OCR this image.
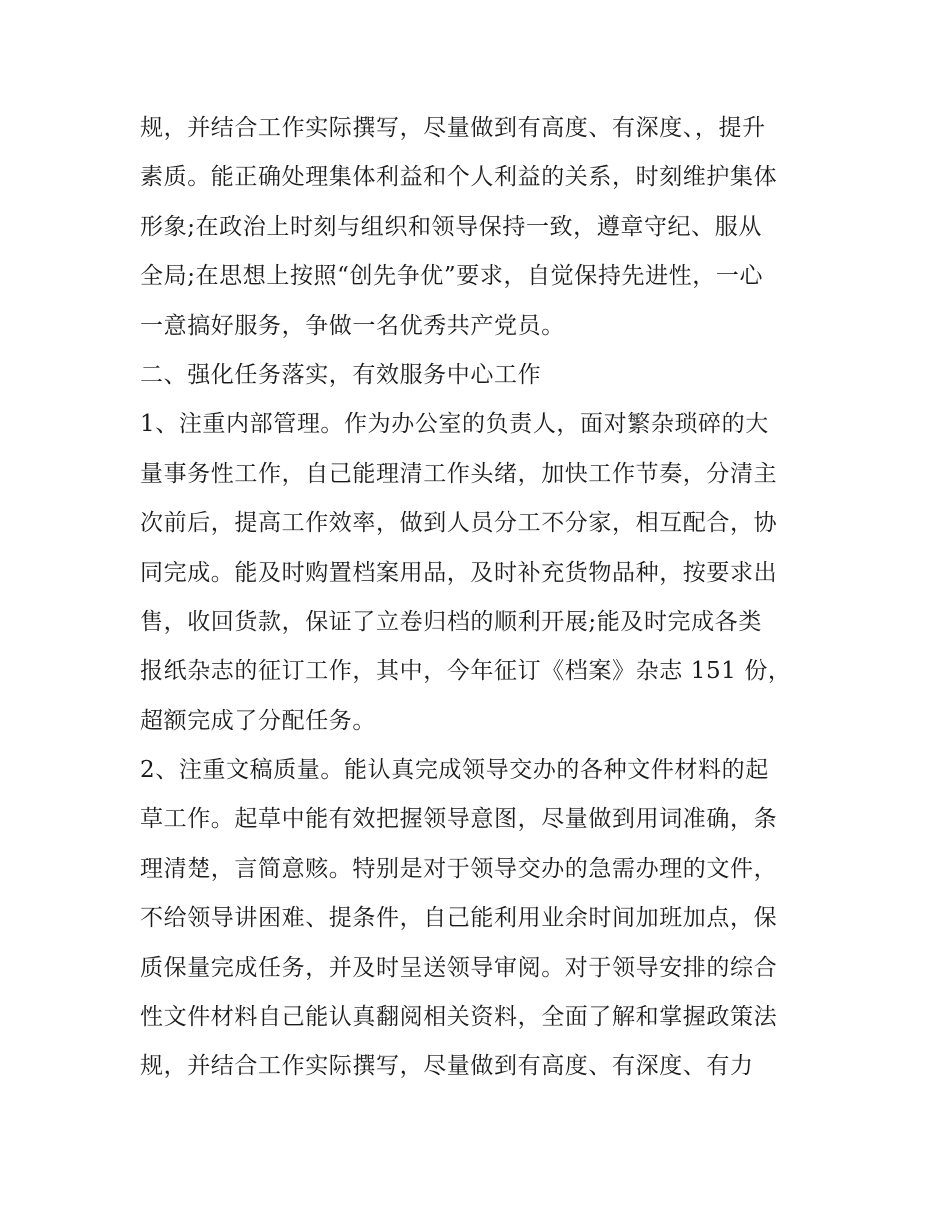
规，并结合工作实际撰写，尽量做到有高度、有深度、，提升
素质。能正确处理集体利益和个人利益的关系，时刻维护集体
形象;在政治上时刻与组织和领导保持一致，遵章守纪、服从
全局;在思想上按照“创先争优”要求，自觉保持先进性，一心
一意搞好服务，争做一名优秀共产党员。
二、强化任务落实，有效服务中心工作
1、注重内部管理。作为办公室的负责人，面对繁杂琐碎的大
量事务性工作，自己能理清工作头绪，加快工作节奏，分清主
次前后，提高工作效率，做到人员分工不分家，相互配合，协
同完成。能及时购置档案用品，及时补充货物品种，按要求出
售，收回货款，保证了立卷归档的顺利开展;能及时完成各类
报纸杂志的征订工作，其中，今年征订《档案》杂志 151 份，
超额完成了分配任务。
2、注重文稿质量。能认真完成领导交办的各种文件材料的起
草工作。起草中能有效把握领导意图，尽量做到用词准确，条
理清楚，言简意赅。特别是对于领导交办的急需办理的文件，
不给领导讲困难、提条件，自己能利用业余时间加班加点，保
质保量完成任务，并及时呈送领导审阅。对于领导安排的综合
性文件材料自己能认真翻阅相关资料，全面了解和掌握政策法
规，并结合工作实际撰写，尽量做到有高度、有深度、有力
